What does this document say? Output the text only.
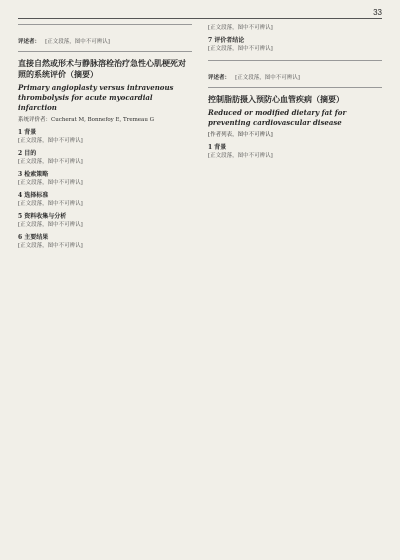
33
评述者： [正文段落，图中不可辨认]
直接自然或形术与静脉溶栓治疗急性心肌梗死对照的系统评价（摘要）
Primary angioplasty versus intravenous thrombolysis for acute myocardial infarction
系统评价者：Cucherat M, Bonnefoy E, Tremeau G
1 背景
[正文段落，图中不可辨认]
2 目的
[正文段落，图中不可辨认]
3 检索策略
[正文段落，图中不可辨认]
4 选择标准
[正文段落，图中不可辨认]
5 资料收集与分析
[正文段落，图中不可辨认]
6 主要结果
[正文段落，图中不可辨认]
[正文段落，图中不可辨认]
7 评价者结论
[正文段落，图中不可辨认]
评述者： [正文段落，图中不可辨认]
控制脂肪摄入预防心血管疾病（摘要）
Reduced or modified dietary fat for preventing cardiovascular disease
[作者列表，图中不可辨认]
1 背景
[正文段落，图中不可辨认]
